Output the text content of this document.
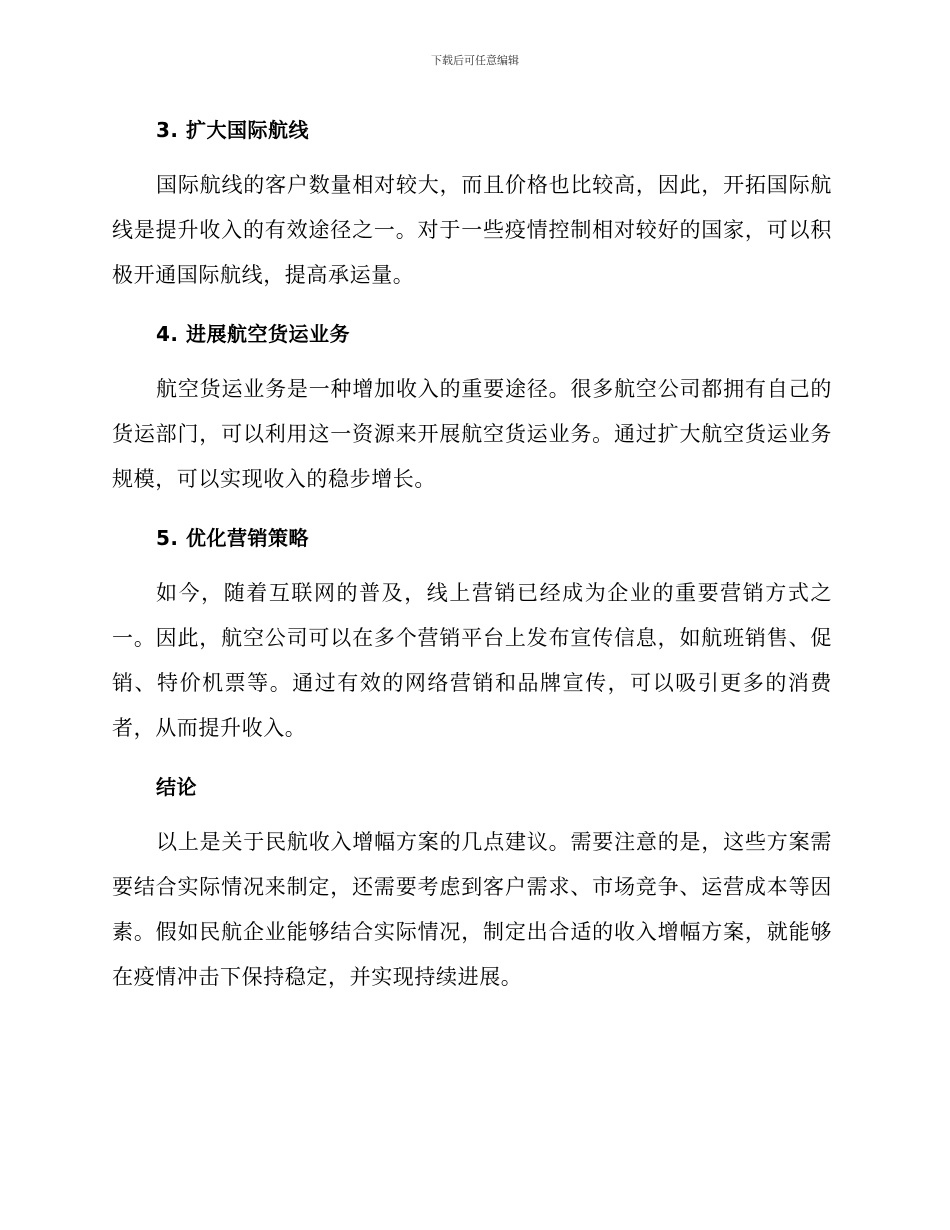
下载后可任意编辑
3. 扩大国际航线

国际航线的客户数量相对较大，而且价格也比较高，因此，开拓国际航线是提升收入的有效途径之一。对于一些疫情控制相对较好的国家，可以积极开通国际航线，提高承运量。

4. 进展航空货运业务

航空货运业务是一种增加收入的重要途径。很多航空公司都拥有自己的货运部门，可以利用这一资源来开展航空货运业务。通过扩大航空货运业务规模，可以实现收入的稳步增长。

5. 优化营销策略

如今，随着互联网的普及，线上营销已经成为企业的重要营销方式之一。因此，航空公司可以在多个营销平台上发布宣传信息，如航班销售、促销、特价机票等。通过有效的网络营销和品牌宣传，可以吸引更多的消费者，从而提升收入。

结论

以上是关于民航收入增幅方案的几点建议。需要注意的是，这些方案需要结合实际情况来制定，还需要考虑到客户需求、市场竞争、运营成本等因素。假如民航企业能够结合实际情况，制定出合适的收入增幅方案，就能够在疫情冲击下保持稳定，并实现持续进展。
